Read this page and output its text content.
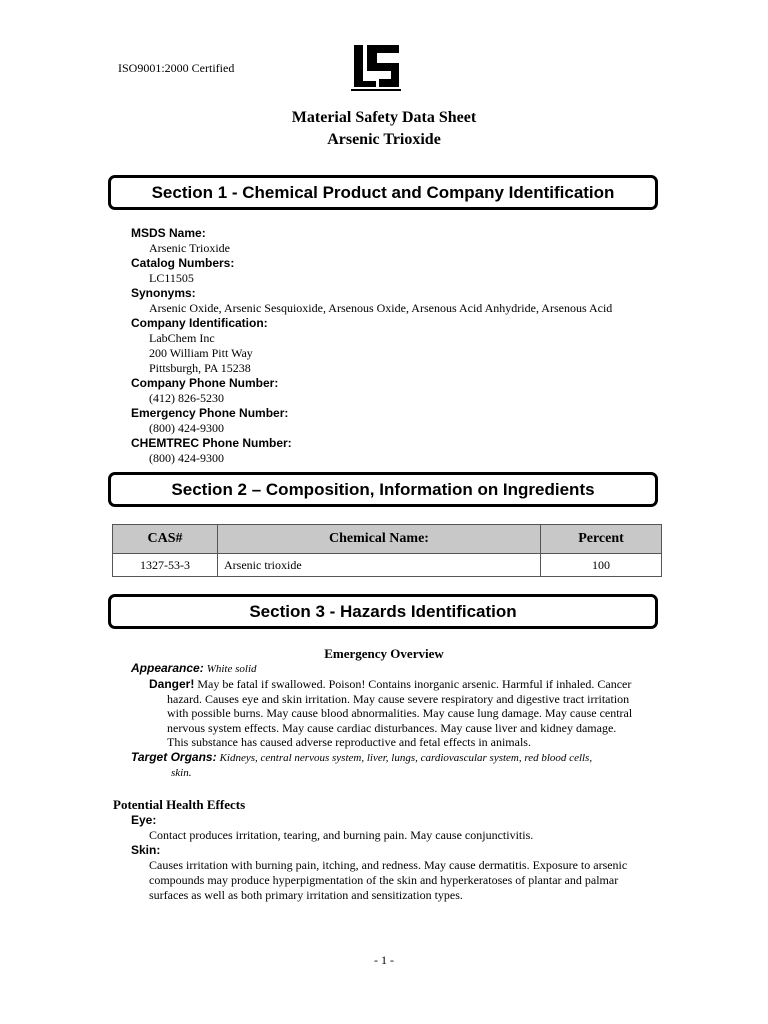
ISO9001:2000 Certified
Material Safety Data Sheet
Arsenic Trioxide
Section 1 - Chemical Product and Company Identification
MSDS Name:
Arsenic Trioxide
Catalog Numbers:
LC11505
Synonyms:
Arsenic Oxide, Arsenic Sesquioxide, Arsenous Oxide, Arsenous Acid Anhydride, Arsenous Acid
Company Identification:
LabChem Inc
200 William Pitt Way
Pittsburgh, PA 15238
Company Phone Number:
(412) 826-5230
Emergency Phone Number:
(800) 424-9300
CHEMTREC Phone Number:
(800) 424-9300
Section 2 – Composition, Information on Ingredients
CAS#	Chemical Name:	Percent
1327-53-3	Arsenic trioxide	100
Section 3 - Hazards Identification
Emergency Overview
Appearance: White solid
Danger! May be fatal if swallowed. Poison! Contains inorganic arsenic. Harmful if inhaled. Cancer
hazard. Causes eye and skin irritation. May cause severe respiratory and digestive tract irritation
with possible burns. May cause blood abnormalities. May cause lung damage. May cause central
nervous system effects. May cause cardiac disturbances. May cause liver and kidney damage.
This substance has caused adverse reproductive and fetal effects in animals.
Target Organs: Kidneys, central nervous system, liver, lungs, cardiovascular system, red blood cells,
skin.
Potential Health Effects
Eye:
Contact produces irritation, tearing, and burning pain. May cause conjunctivitis.
Skin:
Causes irritation with burning pain, itching, and redness. May cause dermatitis. Exposure to arsenic
compounds may produce hyperpigmentation of the skin and hyperkeratoses of plantar and palmar
surfaces as well as both primary irritation and sensitization types.
- 1 -
